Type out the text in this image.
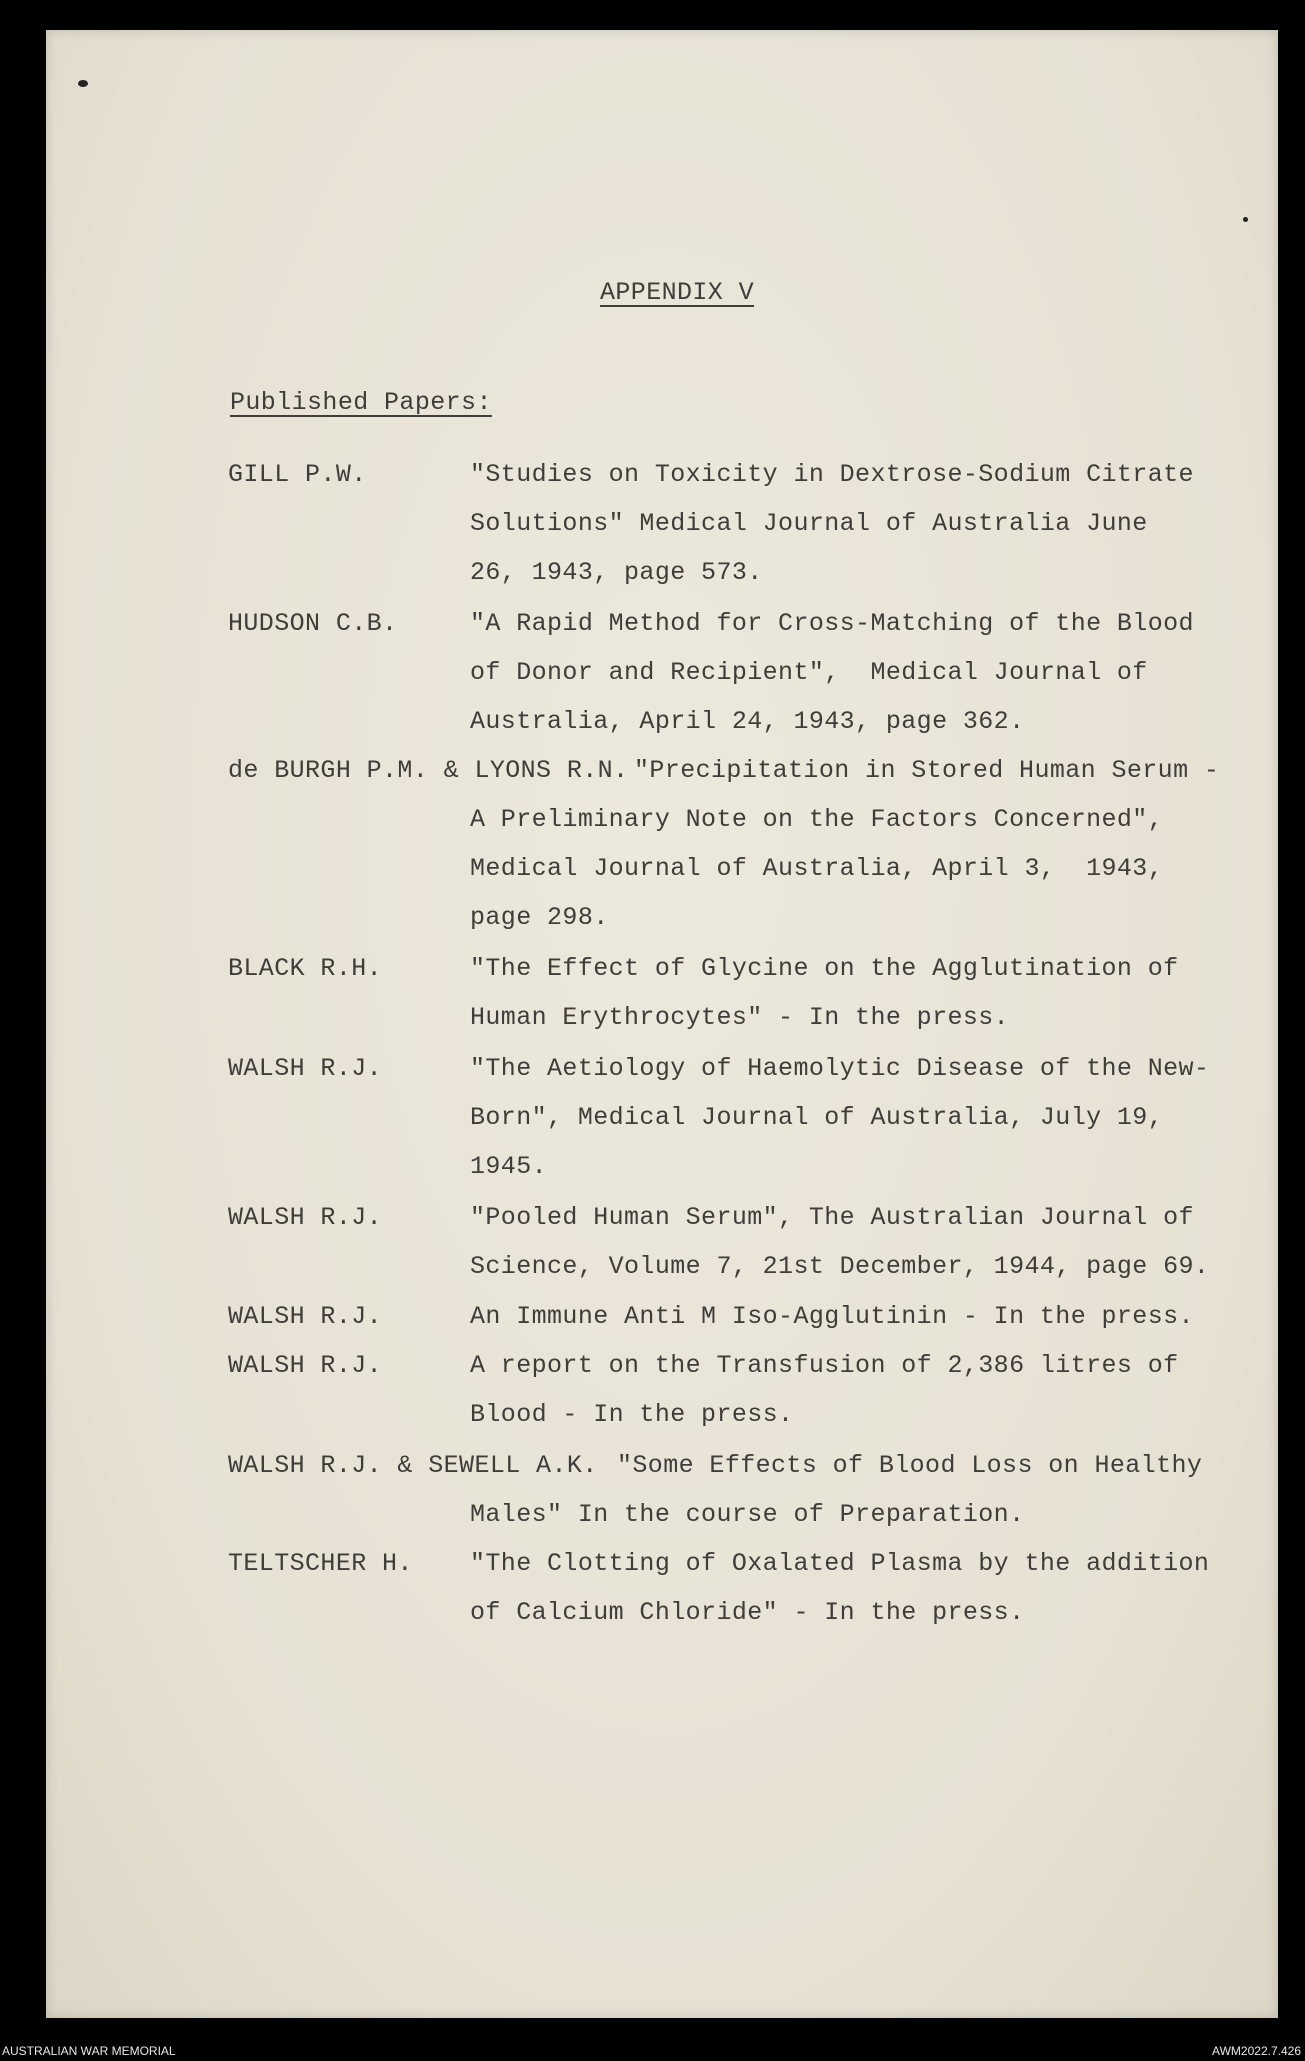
APPENDIX V
Published Papers:
GILL P.W.	"Studies on Toxicity in Dextrose-Sodium Citrate
Solutions" Medical Journal of Australia June
26, 1943, page 573.
HUDSON C.B.	"A Rapid Method for Cross-Matching of the Blood
of Donor and Recipient",  Medical Journal of
Australia, April 24, 1943, page 362.
de BURGH P.M. & LYONS R.N. "Precipitation in Stored Human Serum -
A Preliminary Note on the Factors Concerned",
Medical Journal of Australia, April 3,  1943,
page 298.
BLACK R.H.	"The Effect of Glycine on the Agglutination of
Human Erythrocytes" - In the press.
WALSH R.J.	"The Aetiology of Haemolytic Disease of the New-
Born", Medical Journal of Australia, July 19,
1945.
WALSH R.J.	"Pooled Human Serum", The Australian Journal of
Science, Volume 7, 21st December, 1944, page 69.
WALSH R.J.	An Immune Anti M Iso-Agglutinin - In the press.
WALSH R.J.	A report on the Transfusion of 2,386 litres of
Blood - In the press.
WALSH R.J. & SEWELL A.K. "Some Effects of Blood Loss on Healthy
Males" In the course of Preparation.
TELTSCHER H. "The Clotting of Oxalated Plasma by the addition
of Calcium Chloride" - In the press.
AUSTRALIAN WAR MEMORIAL	AWM2022.7.426
